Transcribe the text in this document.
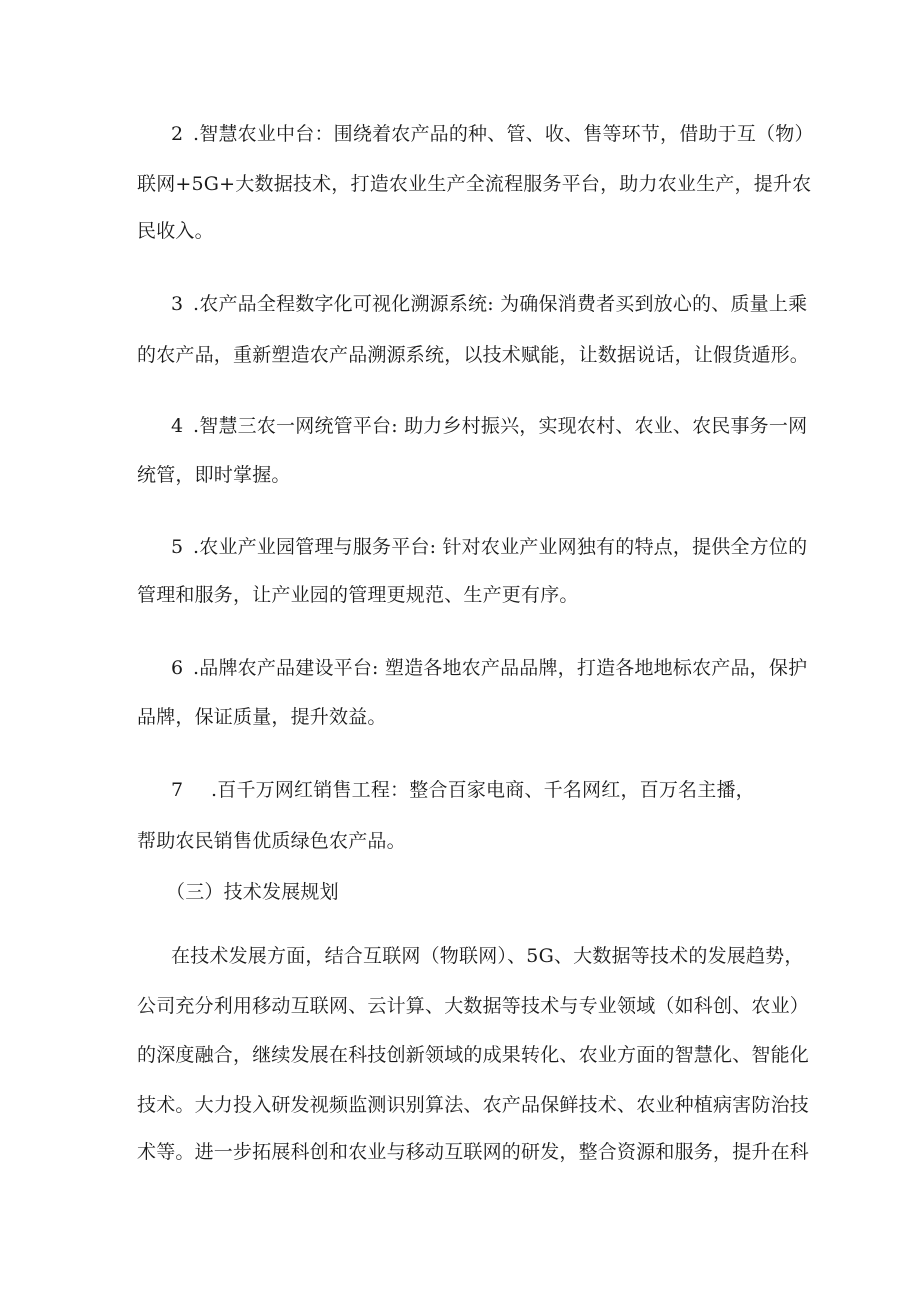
2 .智慧农业中台：围绕着农产品的种、管、收、售等环节，借助于互（物）
联网+5G+大数据技术，打造农业生产全流程服务平台，助力农业生产，提升农
民收入。
3 .农产品全程数字化可视化溯源系统: 为确保消费者买到放心的、质量上乘
的农产品，重新塑造农产品溯源系统，以技术赋能，让数据说话，让假货遁形。
4 .智慧三农一网统管平台: 助力乡村振兴，实现农村、农业、农民事务一网
统管，即时掌握。
5 .农业产业园管理与服务平台: 针对农业产业网独有的特点，提供全方位的
管理和服务，让产业园的管理更规范、生产更有序。
6 .品牌农产品建设平台: 塑造各地农产品品牌，打造各地地标农产品，保护
品牌，保证质量，提升效益。
7 .百千万网红销售工程：整合百家电商、千名网红，百万名主播，
帮助农民销售优质绿色农产品。
（三）技术发展规划
在技术发展方面，结合互联网（物联网）、5G、大数据等技术的发展趋势，
公司充分利用移动互联网、云计算、大数据等技术与专业领域（如科创、农业）
的深度融合，继续发展在科技创新领域的成果转化、农业方面的智慧化、智能化
技术。大力投入研发视频监测识别算法、农产品保鲜技术、农业种植病害防治技
术等。进一步拓展科创和农业与移动互联网的研发，整合资源和服务，提升在科
